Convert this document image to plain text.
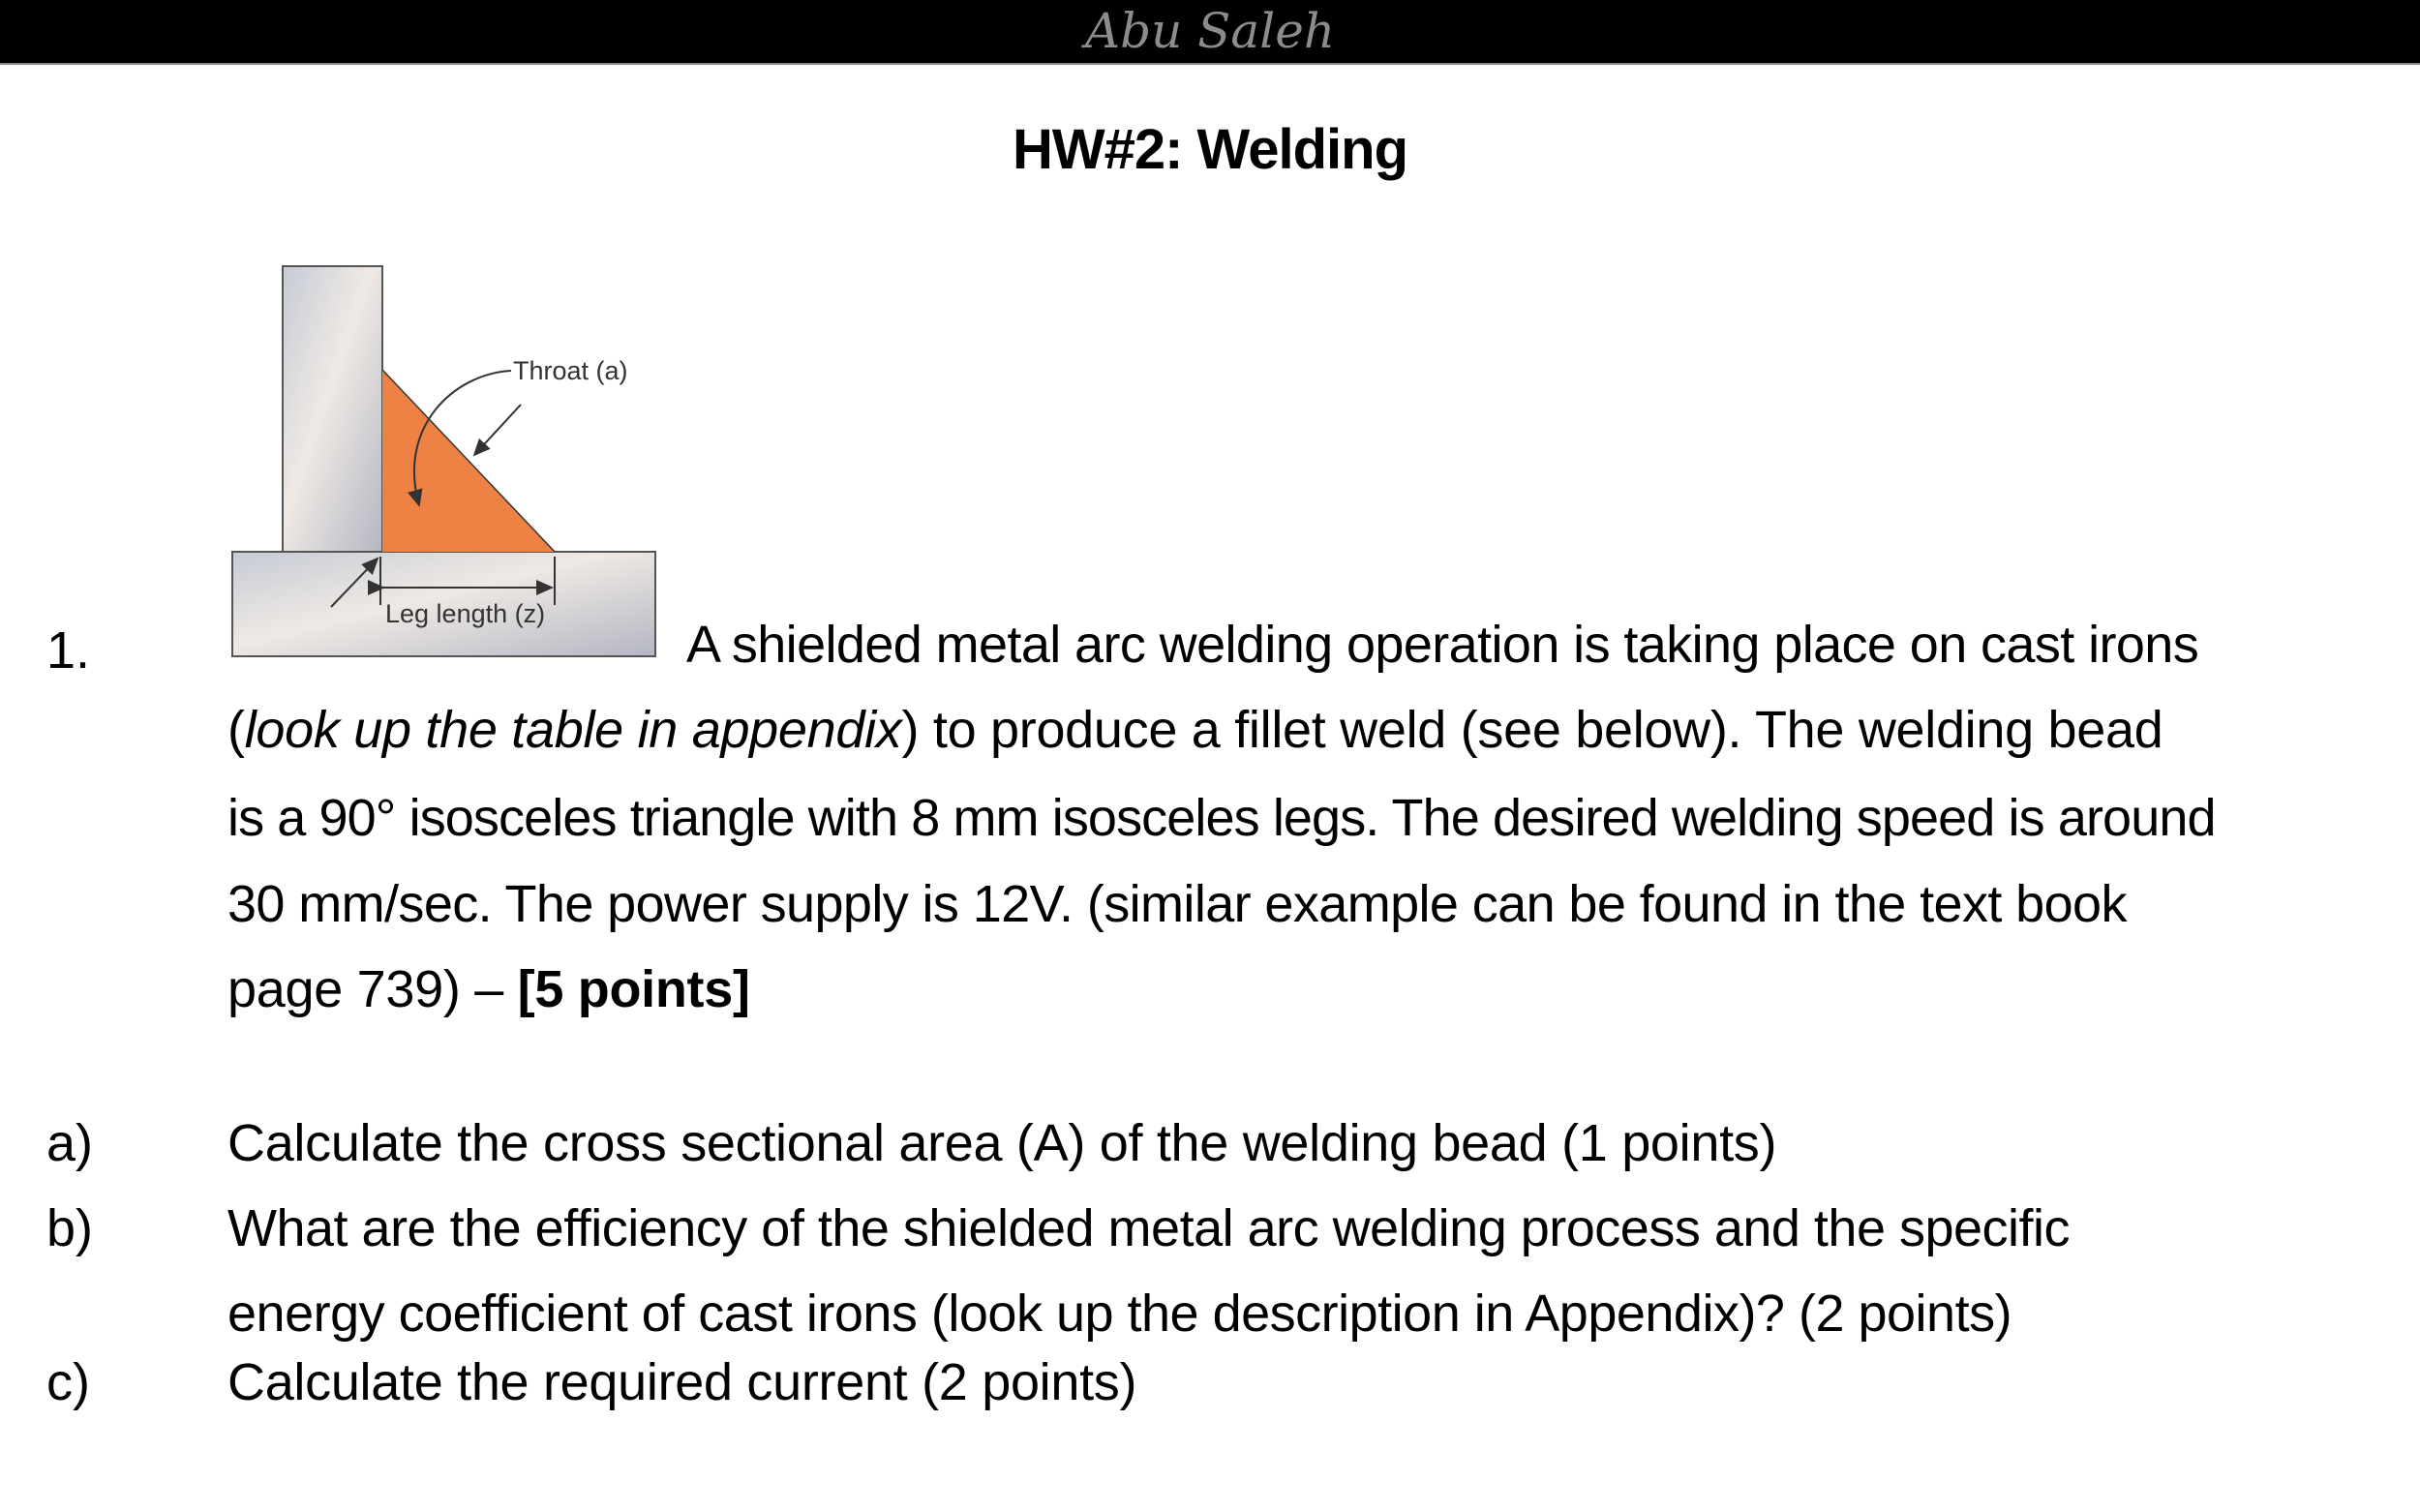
Abu Saleh
HW#2: Welding
Throat (a)
Leg length (z)
1.	A shielded metal arc welding operation is taking place on cast irons
(look up the table in appendix) to produce a fillet weld (see below). The welding bead
is a 90° isosceles triangle with 8 mm isosceles legs. The desired welding speed is around
30 mm/sec. The power supply is 12V. (similar example can be found in the text book
page 739) – [5 points]
a)	Calculate the cross sectional area (A) of the welding bead (1 points)
b)	What are the efficiency of the shielded metal arc welding process and the specific
energy coefficient of cast irons (look up the description in Appendix)? (2 points)
c)	Calculate the required current (2 points)
